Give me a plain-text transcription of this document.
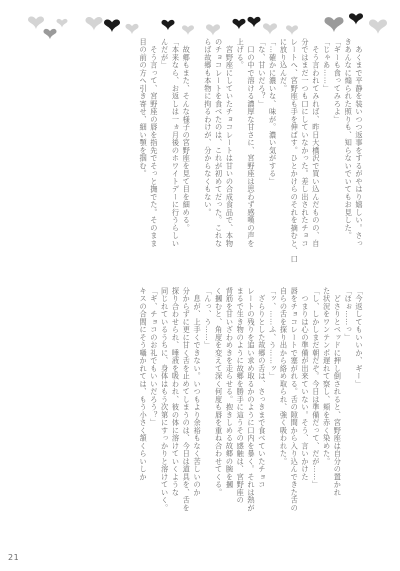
　あくまで平静を装いつつ返事をするがやはり嬉しい。さっ
きあんなに煽られた照りも、知らないでいてもお見した。
「ギーも食ってみろよ」
「じゃあ……」
　そう言われてみれば、昨日大橋沢で買い込んだものの、自
分ではまだ一つも口にしていなかった。差し出されたチョコ
レートへ、宮野座も手を伸ばす。ひとかけらのそれを摘むと、口
に放り込んだ。
「…確かに濃いな、味が。濃い気がする」
「な、甘いだろ？」
　口の中で溶ける濃厚な甘さに、宮野座は思わず感嘆の声を
上げる。
　宮野座にしていたチョコレートは甘いの合成食品で、本物
のチョコレートを食べたのは、これが初めてだった。これな
らば故郷も本物に拘るわけが、分からなくもない。

　故郷もまた、そんな様子の宮野座を見て目を細める。
「本来なら、お返しは一ヵ月後のホワイトデーに行うらしい
んだが」
　そう言って、宮野座の唇を指先でそっと撫でた。そのまま
目の前の方へ引き寄せ、細い顎を掴む。
「今返してもいいか、ギー」
「ほぉ……っ」
　どさりとベッドに押し倒されると、宮野座は自分の置かれ
た状況をワンテンポ遅れて察し、頬を赤く染めた。
「し、しかしまだ朝だぞ。今日は準備だって、だが……」
　つまりは心の準備が出来ていない。そう、言いかけた
唇をチョコレートで塞がれる。舌の隙間から入り込んできた舌の
自らの舌を探り出から絡め取られ、強く吸われた。
「ッ、……ふ、う……ッ」
　ざらりとした故郷の舌は、さっきまで食べていたチョコ
レートの残りを追い求め取るかのように口内を暴く。それは熱が
まるで生き物のように故郷を勝手に這うその感触は、宮野座の
背筋を甘いざわめきを走らせる。抱きしめる故郷の腕を摑
く摑むと、角度を変えて深く何度も唇を重ね合わせてくる。
「んっ、う……」
　息が、上手くできない。いつもより余裕もなく苦しいのか
分からずに更に甘く舌を止めてしまうのは、今日は道具を、舌を
探り合わせられ、唾液を吸われ、彼の体に溶けていくような
同じれているうちに、身体はもう次第にすっかりと溶けていく。
「ギ、チョコのお礼でもいいだろう？」
キスの合間にそう囁かれては、もう小さく頷くらいしか
21
